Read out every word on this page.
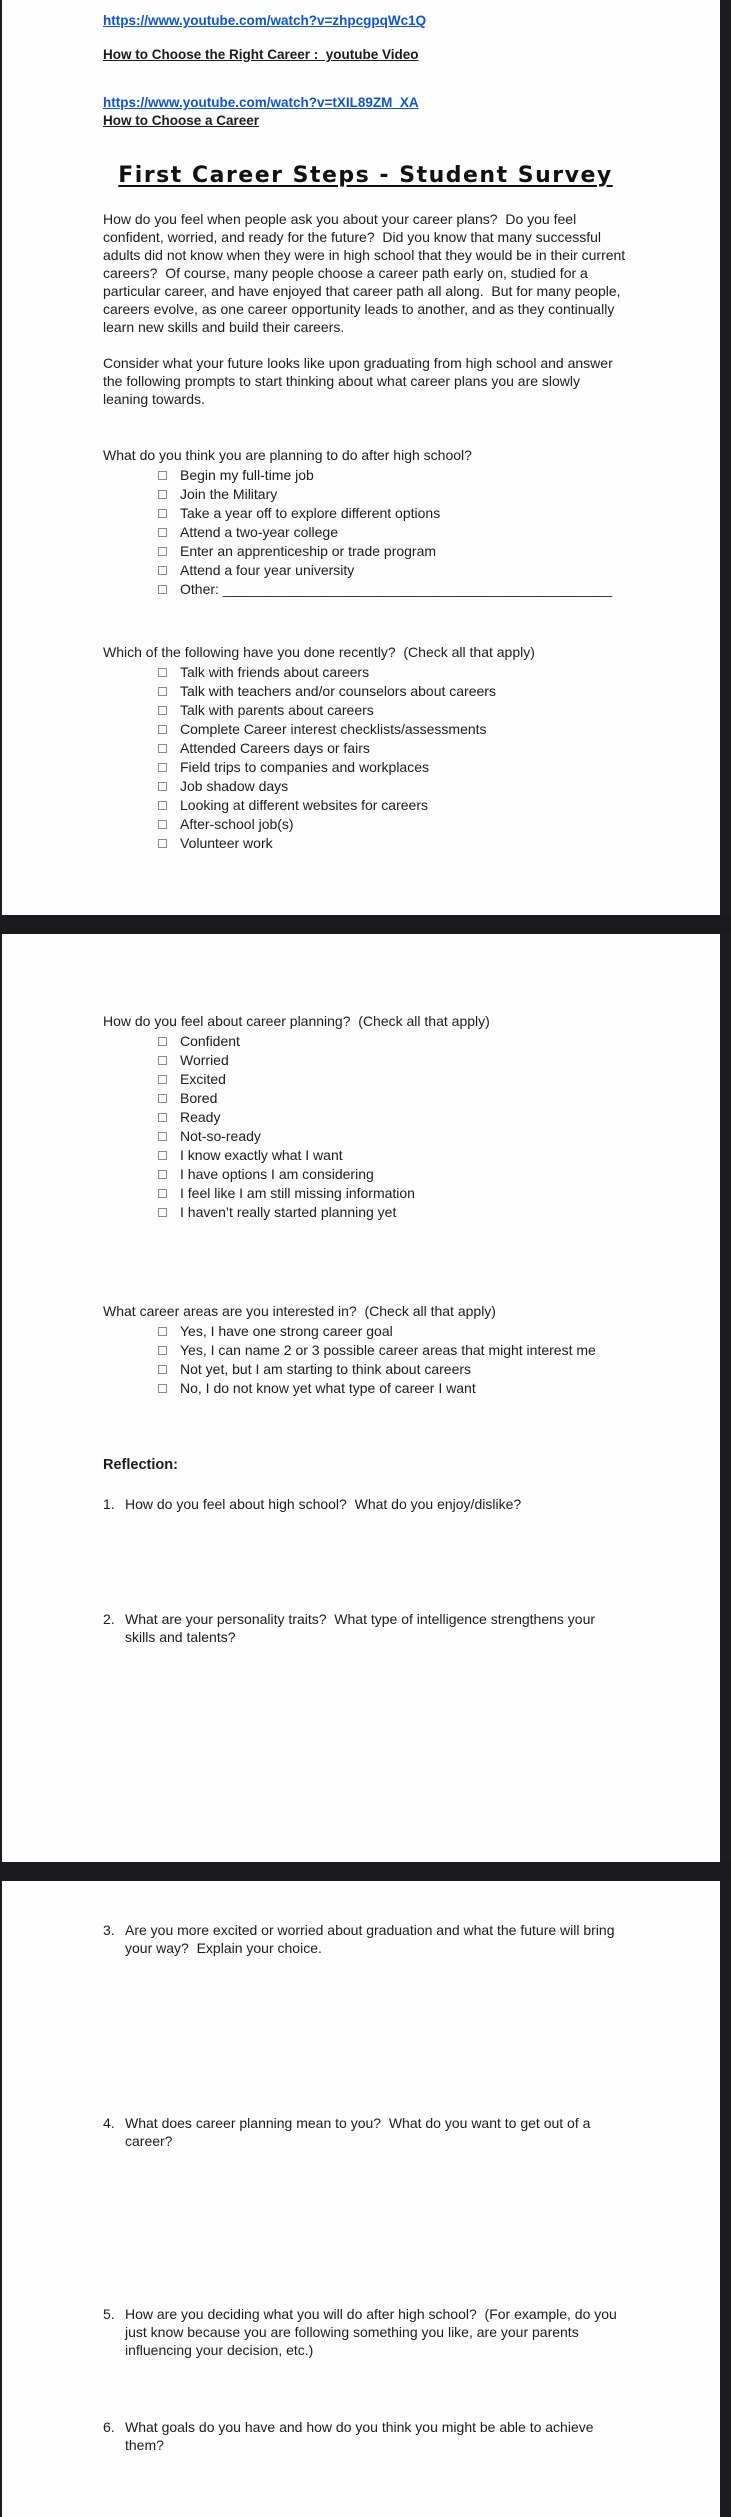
https://www.youtube.com/watch?v=zhpcgpqWc1Q
How to Choose the Right Career :  youtube Video
https://www.youtube.com/watch?v=tXIL89ZM_XA
How to Choose a Career
First Career Steps - Student Survey
How do you feel when people ask you about your career plans?  Do you feel confident, worried, and ready for the future?  Did you know that many successful adults did not know when they were in high school that they would be in their current careers?  Of course, many people choose a career path early on, studied for a particular career, and have enjoyed that career path all along.  But for many people, careers evolve, as one career opportunity leads to another, and as they continually learn new skills and build their careers.
Consider what your future looks like upon graduating from high school and answer the following prompts to start thinking about what career plans you are slowly leaning towards.
What do you think you are planning to do after high school?
Begin my full-time job
Join the Military
Take a year off to explore different options
Attend a two-year college
Enter an apprenticeship or trade program
Attend a four year university
Other: __________________________________________________
Which of the following have you done recently?  (Check all that apply)
Talk with friends about careers
Talk with teachers and/or counselors about careers
Talk with parents about careers
Complete Career interest checklists/assessments
Attended Careers days or fairs
Field trips to companies and workplaces
Job shadow days
Looking at different websites for careers
After-school job(s)
Volunteer work
How do you feel about career planning?  (Check all that apply)
Confident
Worried
Excited
Bored
Ready
Not-so-ready
I know exactly what I want
I have options I am considering
I feel like I am still missing information
I haven’t really started planning yet
What career areas are you interested in?  (Check all that apply)
Yes, I have one strong career goal
Yes, I can name 2 or 3 possible career areas that might interest me
Not yet, but I am starting to think about careers
No, I do not know yet what type of career I want
Reflection:
1. How do you feel about high school?  What do you enjoy/dislike?
2. What are your personality traits?  What type of intelligence strengthens your skills and talents?
3. Are you more excited or worried about graduation and what the future will bring your way?  Explain your choice.
4. What does career planning mean to you?  What do you want to get out of a career?
5. How are you deciding what you will do after high school?  (For example, do you just know because you are following something you like, are your parents influencing your decision, etc.)
6. What goals do you have and how do you think you might be able to achieve them?
